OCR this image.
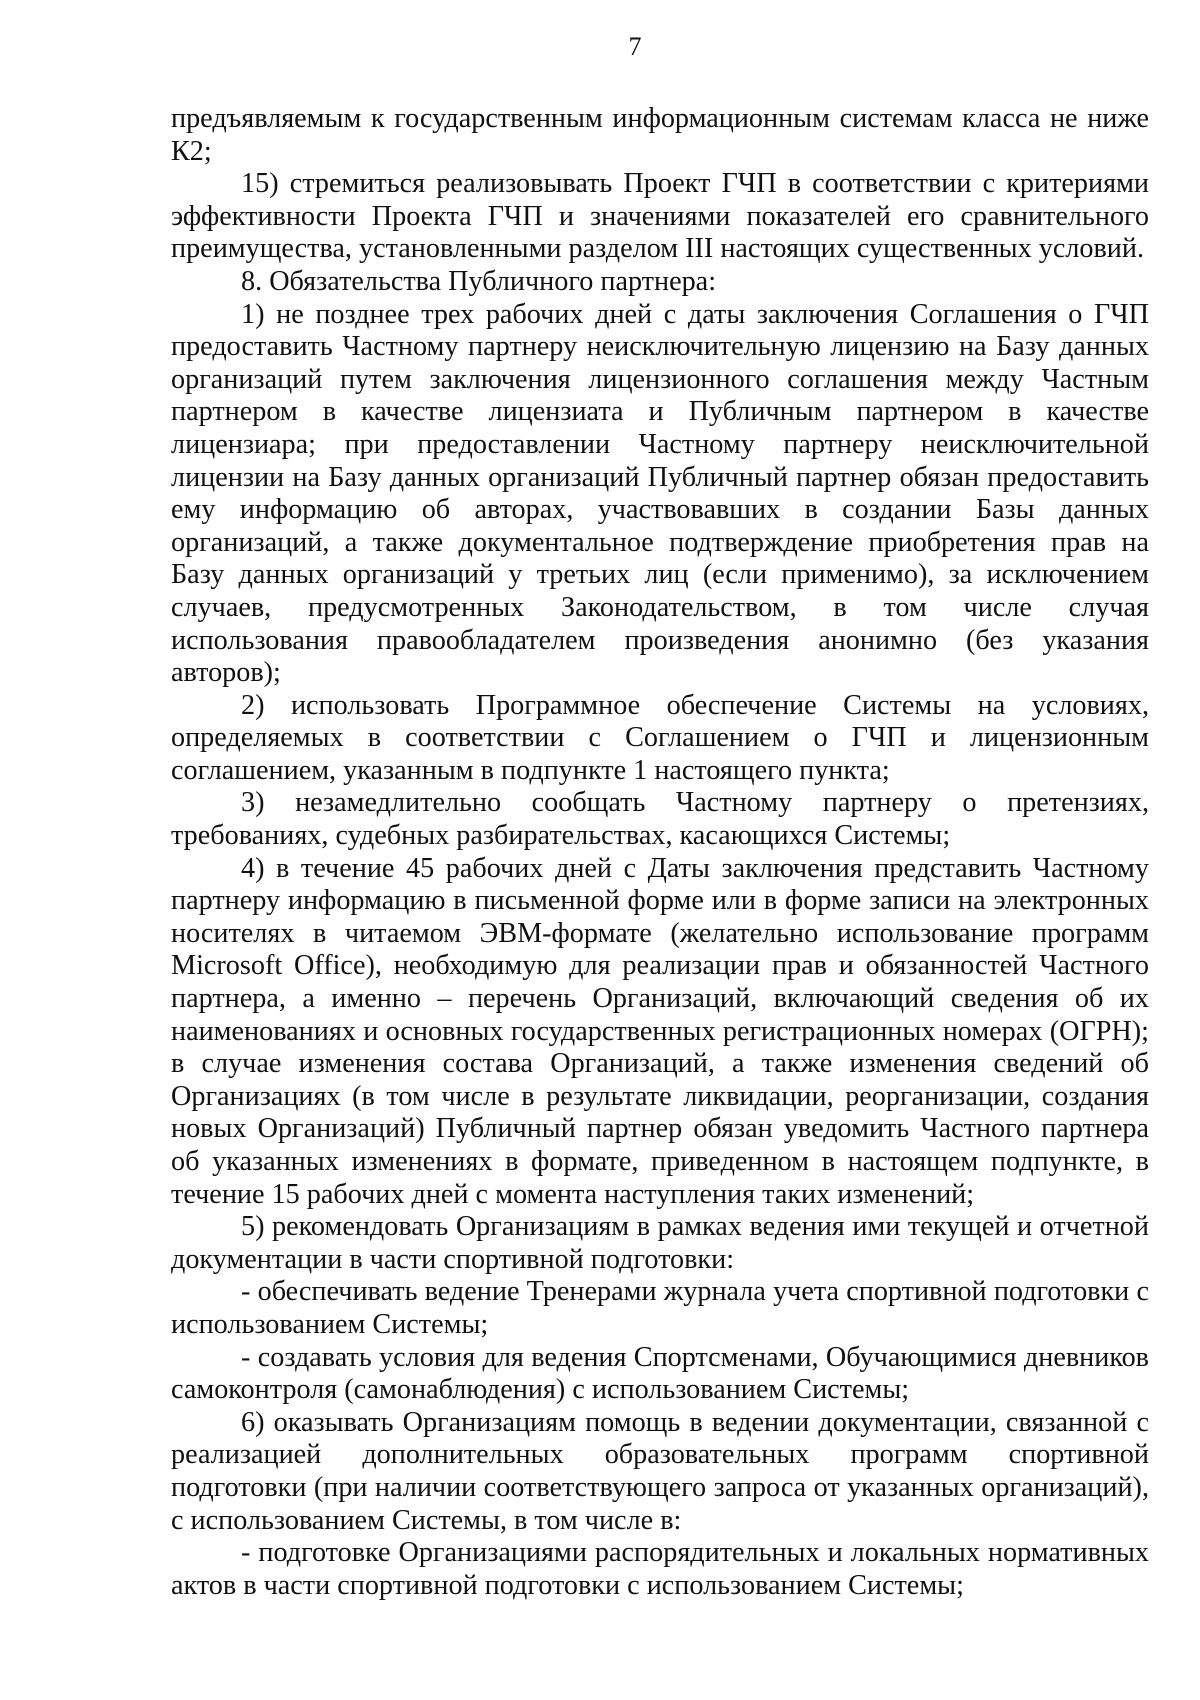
7

предъявляемым к государственным информационным системам класса не ниже К2;

15) стремиться реализовывать Проект ГЧП в соответствии с критериями эффективности Проекта ГЧП и значениями показателей его сравнительного преимущества, установленными разделом III настоящих существенных условий.

8. Обязательства Публичного партнера:

1) не позднее трех рабочих дней с даты заключения Соглашения о ГЧП предоставить Частному партнеру неисключительную лицензию на Базу данных организаций путем заключения лицензионного соглашения между Частным партнером в качестве лицензиата и Публичным партнером в качестве лицензиара; при предоставлении Частному партнеру неисключительной лицензии на Базу данных организаций Публичный партнер обязан предоставить ему информацию об авторах, участвовавших в создании Базы данных организаций, а также документальное подтверждение приобретения прав на Базу данных организаций у третьих лиц (если применимо), за исключением случаев, предусмотренных Законодательством, в том числе случая использования правообладателем произведения анонимно (без указания авторов);

2) использовать Программное обеспечение Системы на условиях, определяемых в соответствии с Соглашением о ГЧП и лицензионным соглашением, указанным в подпункте 1 настоящего пункта;

3) незамедлительно сообщать Частному партнеру о претензиях, требованиях, судебных разбирательствах, касающихся Системы;

4) в течение 45 рабочих дней с Даты заключения представить Частному партнеру информацию в письменной форме или в форме записи на электронных носителях в читаемом ЭВМ-формате (желательно использование программ Microsoft Office), необходимую для реализации прав и обязанностей Частного партнера, а именно – перечень Организаций, включающий сведения об их наименованиях и основных государственных регистрационных номерах (ОГРН); в случае изменения состава Организаций, а также изменения сведений об Организациях (в том числе в результате ликвидации, реорганизации, создания новых Организаций) Публичный партнер обязан уведомить Частного партнера об указанных изменениях в формате, приведенном в настоящем подпункте, в течение 15 рабочих дней с момента наступления таких изменений;

5) рекомендовать Организациям в рамках ведения ими текущей и отчетной документации в части спортивной подготовки:

- обеспечивать ведение Тренерами журнала учета спортивной подготовки с использованием Системы;

- создавать условия для ведения Спортсменами, Обучающимися дневников самоконтроля (самонаблюдения) с использованием Системы;

6) оказывать Организациям помощь в ведении документации, связанной с реализацией дополнительных образовательных программ спортивной подготовки (при наличии соответствующего запроса от указанных организаций), с использованием Системы, в том числе в:

- подготовке Организациями распорядительных и локальных нормативных актов в части спортивной подготовки с использованием Системы;
